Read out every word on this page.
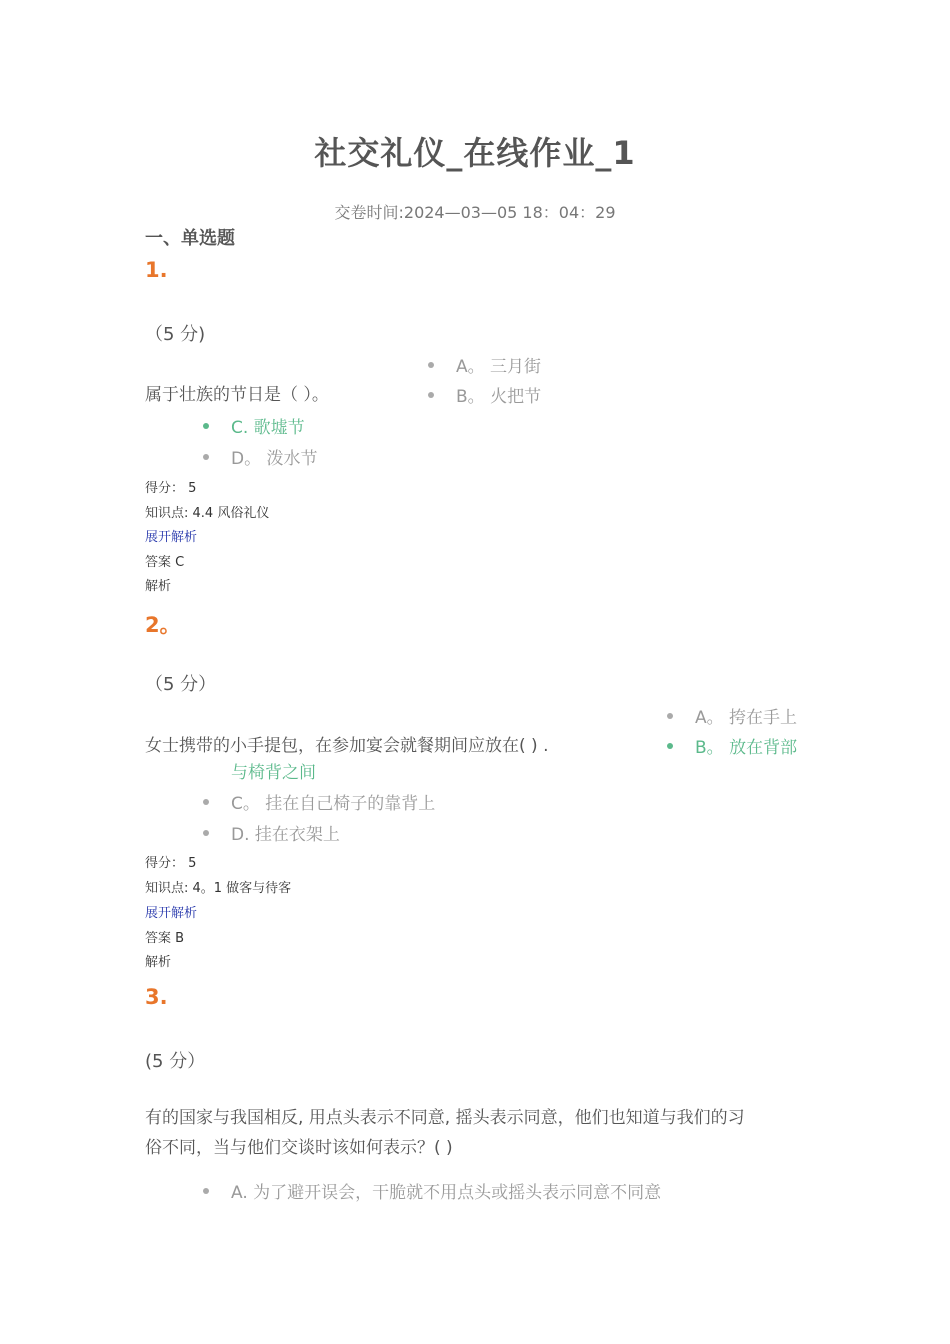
社交礼仪_在线作业_1
交卷时间:2024—03—05 18：04：29
一、单选题
1.
（5 分)
属于壮族的节日是（ ）。
A。 三月街
B。 火把节
C. 歌墟节
D。 泼水节
得分： 5
知识点: 4.4 风俗礼仪
展开解析
答案 C
解析
2。
（5 分）
女士携带的小手提包，在参加宴会就餐期间应放在( ) .
A。 挎在手上
B。 放在背部
与椅背之间
C。 挂在自己椅子的靠背上
D. 挂在衣架上
得分： 5
知识点: 4。1 做客与待客
展开解析
答案 B
解析
3.
(5 分）
有的国家与我国相反, 用点头表示不同意, 摇头表示同意，他们也知道与我们的习俗不同，当与他们交谈时该如何表示？( )
A. 为了避开误会，干脆就不用点头或摇头表示同意不同意
